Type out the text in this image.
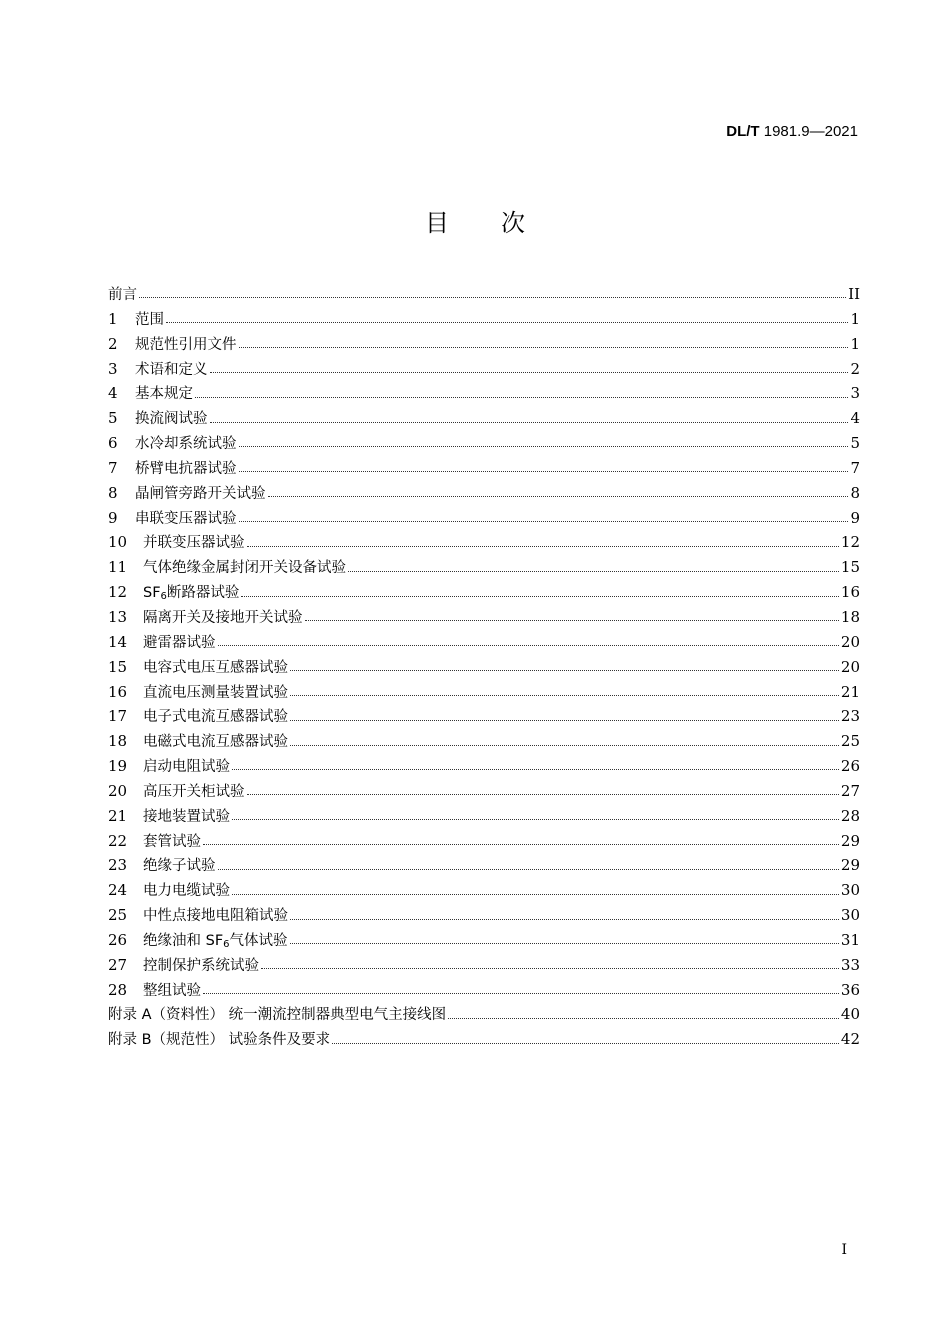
DL/T 1981.9—2021
目次
前言	II
1	范围	1
2	规范性引用文件	1
3	术语和定义	2
4	基本规定	3
5	换流阀试验	4
6	水冷却系统试验	5
7	桥臂电抗器试验	7
8	晶闸管旁路开关试验	8
9	串联变压器试验	9
10	并联变压器试验	12
11	气体绝缘金属封闭开关设备试验	15
12	$SF_6$断路器试验	16
13	隔离开关及接地开关试验	18
14	避雷器试验	20
15	电容式电压互感器试验	20
16	直流电压测量装置试验	21
17	电子式电流互感器试验	23
18	电磁式电流互感器试验	25
19	启动电阻试验	26
20	高压开关柜试验	27
21	接地装置试验	28
22	套管试验	29
23	绝缘子试验	29
24	电力电缆试验	30
25	中性点接地电阻箱试验	30
26	绝缘油和 $SF_6$气体试验	31
27	控制保护系统试验	33
28	整组试验	36
附录 A（资料性） 统一潮流控制器典型电气主接线图	40
附录 B（规范性） 试验条件及要求	42
I
